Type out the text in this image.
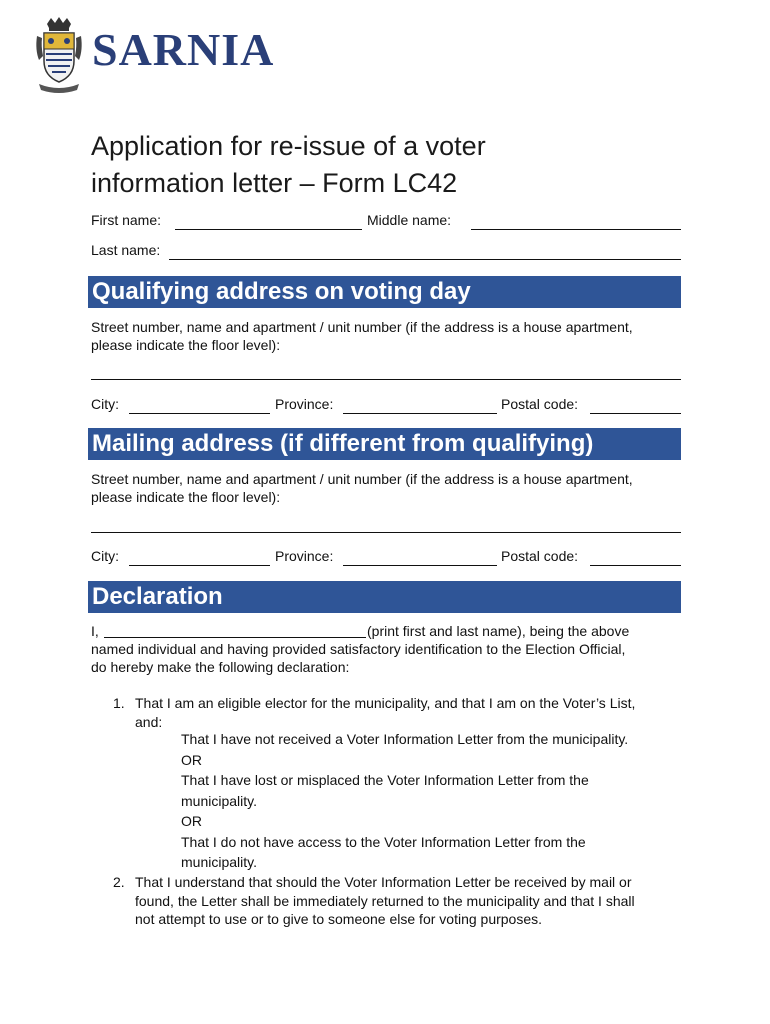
SARNIA
Application for re-issue of a voter
information letter – Form LC42
First name:	Middle name:
Last name:
Qualifying address on voting day
Street number, name and apartment / unit number (if the address is a house apartment,
please indicate the floor level):
City:	Province:	Postal code:
Mailing address (if different from qualifying)
Street number, name and apartment / unit number (if the address is a house apartment,
please indicate the floor level):
City:	Province:	Postal code:
Declaration
I,	(print first and last name), being the above
named individual and having provided satisfactory identification to the Election Official,
do hereby make the following declaration:
1. That I am an eligible elector for the municipality, and that I am on the Voter’s List,
and:
That I have not received a Voter Information Letter from the municipality.
OR
That I have lost or misplaced the Voter Information Letter from the
municipality.
OR
That I do not have access to the Voter Information Letter from the
municipality.
2. That I understand that should the Voter Information Letter be received by mail or
found, the Letter shall be immediately returned to the municipality and that I shall
not attempt to use or to give to someone else for voting purposes.
